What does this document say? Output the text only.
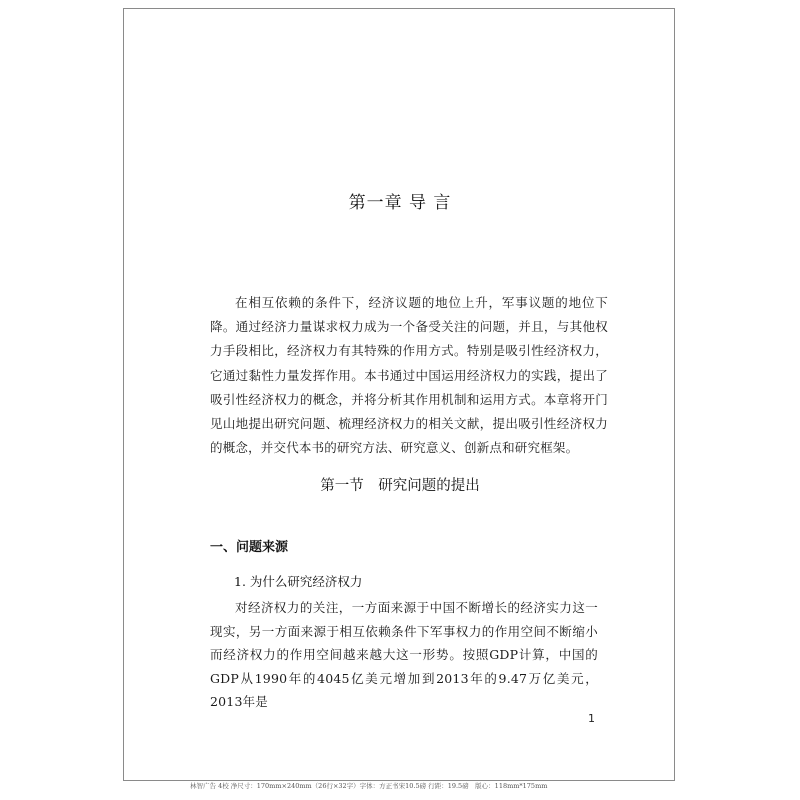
第一章 导 言

在相互依赖的条件下，经济议题的地位上升，军事议题的地位下降。通过经济力量谋求权力成为一个备受关注的问题，并且，与其他权力手段相比，经济权力有其特殊的作用方式。特别是吸引性经济权力，它通过黏性力量发挥作用。本书通过中国运用经济权力的实践，提出了吸引性经济权力的概念，并将分析其作用机制和运用方式。本章将开门见山地提出研究问题、梳理经济权力的相关文献，提出吸引性经济权力的概念，并交代本书的研究方法、研究意义、创新点和研究框架。

第一节　研究问题的提出
一、问题来源
1. 为什么研究经济权力

对经济权力的关注，一方面来源于中国不断增长的经济实力这一现实，另一方面来源于相互依赖条件下军事权力的作用空间不断缩小而经济权力的作用空间越来越大这一形势。按照GDP计算，中国的GDP从1990年的4045亿美元增加到2013年的9.47万亿美元，2013年是

1
林智广告 4校 净尺寸：170mm×240mm（26行×32字）字体：方正书宋10.5磅 行距：19.5磅　版心：118mm*175mm
